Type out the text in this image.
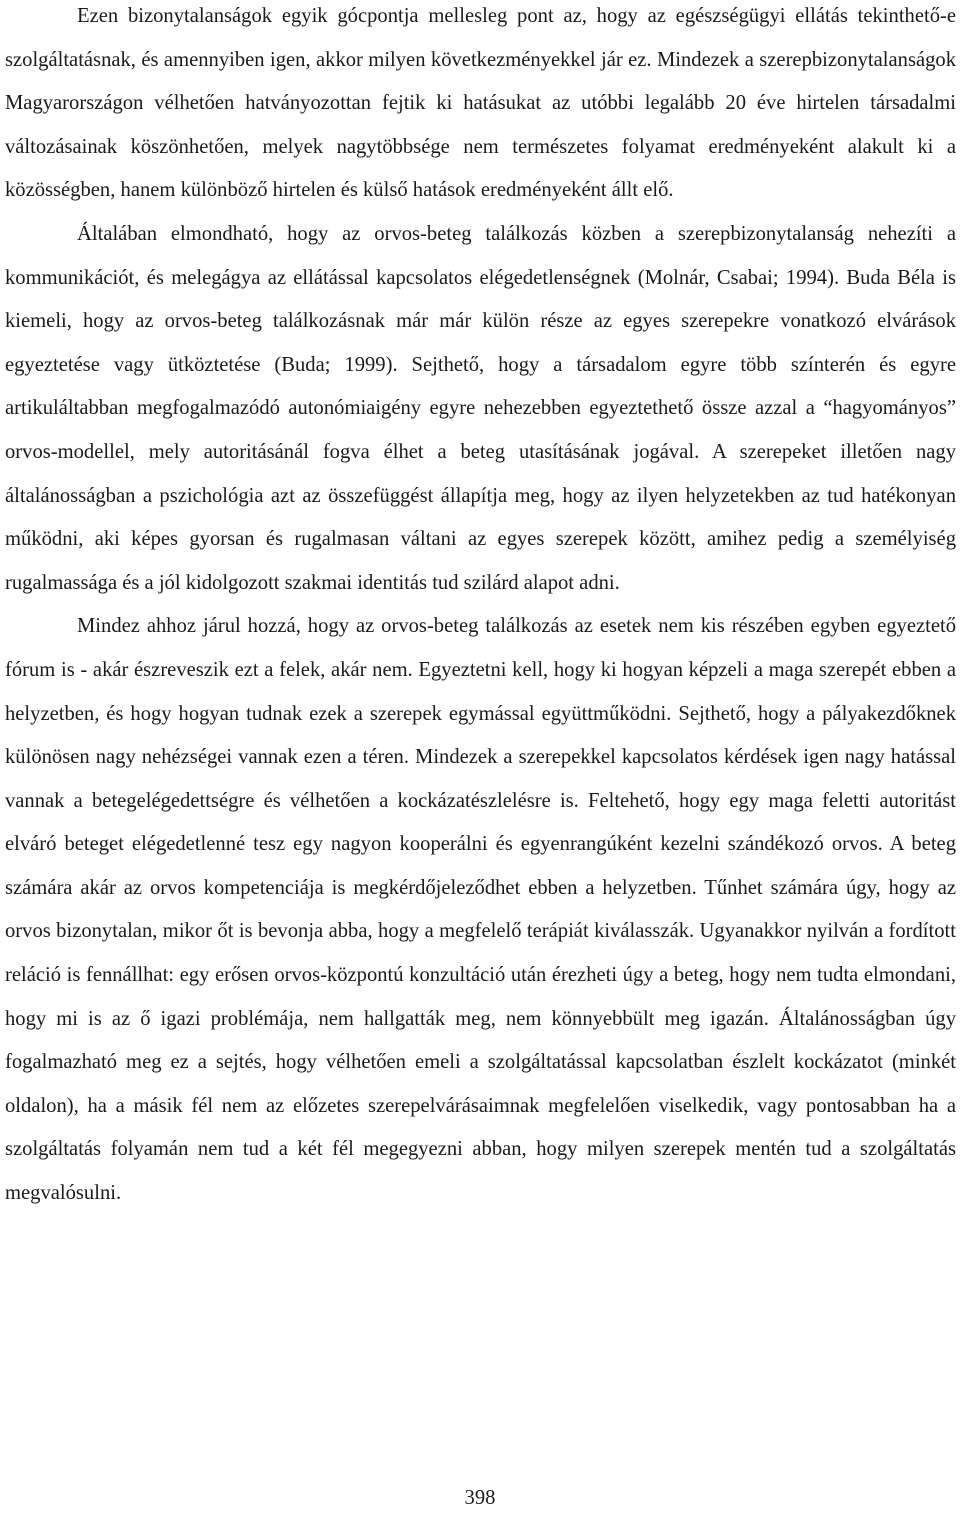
Ezen bizonytalanságok egyik gócpontja mellesleg pont az, hogy az egészségügyi ellátás tekinthető-e szolgáltatásnak, és amennyiben igen, akkor milyen következményekkel jár ez. Mindezek a szerepbizonytalanságok Magyarországon vélhetően hatványozottan fejtik ki hatásukat az utóbbi legalább 20 éve hirtelen társadalmi változásainak köszönhetően, melyek nagytöbbsége nem természetes folyamat eredményeként alakult ki a közösségben, hanem különböző hirtelen és külső hatások eredményeként állt elő.

Általában elmondható, hogy az orvos-beteg találkozás közben a szerepbizonytalanság nehezíti a kommunikációt, és melegágya az ellátással kapcsolatos elégedetlenségnek (Molnár, Csabai; 1994). Buda Béla is kiemeli, hogy az orvos-beteg találkozásnak már már külön része az egyes szerepekre vonatkozó elvárások egyeztetése vagy ütköztetése (Buda; 1999). Sejthető, hogy a társadalom egyre több színterén és egyre artikuláltabban megfogalmazódó autonómiaigény egyre nehezebben egyeztethető össze azzal a “hagyományos” orvos-modellel, mely autoritásánál fogva élhet a beteg utasításának jogával. A szerepeket illetően nagy általánosságban a pszichológia azt az összefüggést állapítja meg, hogy az ilyen helyzetekben az tud hatékonyan működni, aki képes gyorsan és rugalmasan váltani az egyes szerepek között, amihez pedig a személyiség rugalmassága és a jól kidolgozott szakmai identitás tud szilárd alapot adni.

Mindez ahhoz járul hozzá, hogy az orvos-beteg találkozás az esetek nem kis részében egyben egyeztető fórum is - akár észreveszik ezt a felek, akár nem. Egyeztetni kell, hogy ki hogyan képzeli a maga szerepét ebben a helyzetben, és hogy hogyan tudnak ezek a szerepek egymással együttműködni. Sejthető, hogy a pályakezdőknek különösen nagy nehézségei vannak ezen a téren. Mindezek a szerepekkel kapcsolatos kérdések igen nagy hatással vannak a betegelégedettségre és vélhetően a kockázatészlelésre is. Feltehető, hogy egy maga feletti autoritást elváró beteget elégedetlenné tesz egy nagyon kooperálni és egyenrangúként kezelni szándékozó orvos. A beteg számára akár az orvos kompetenciája is megkérdőjeleződhet ebben a helyzetben. Tűnhet számára úgy, hogy az orvos bizonytalan, mikor őt is bevonja abba, hogy a megfelelő terápiát kiválasszák. Ugyanakkor nyilván a fordított reláció is fennállhat: egy erősen orvos-központú konzultáció után érezheti úgy a beteg, hogy nem tudta elmondani, hogy mi is az ő igazi problémája, nem hallgatták meg, nem könnyebbült meg igazán. Általánosságban úgy fogalmazható meg ez a sejtés, hogy vélhetően emeli a szolgáltatással kapcsolatban észlelt kockázatot (minkét oldalon), ha a másik fél nem az előzetes szerepelvárásaimnak megfelelően viselkedik, vagy pontosabban ha a szolgáltatás folyamán nem tud a két fél megegyezni abban, hogy milyen szerepek mentén tud a szolgáltatás megvalósulni.

398
